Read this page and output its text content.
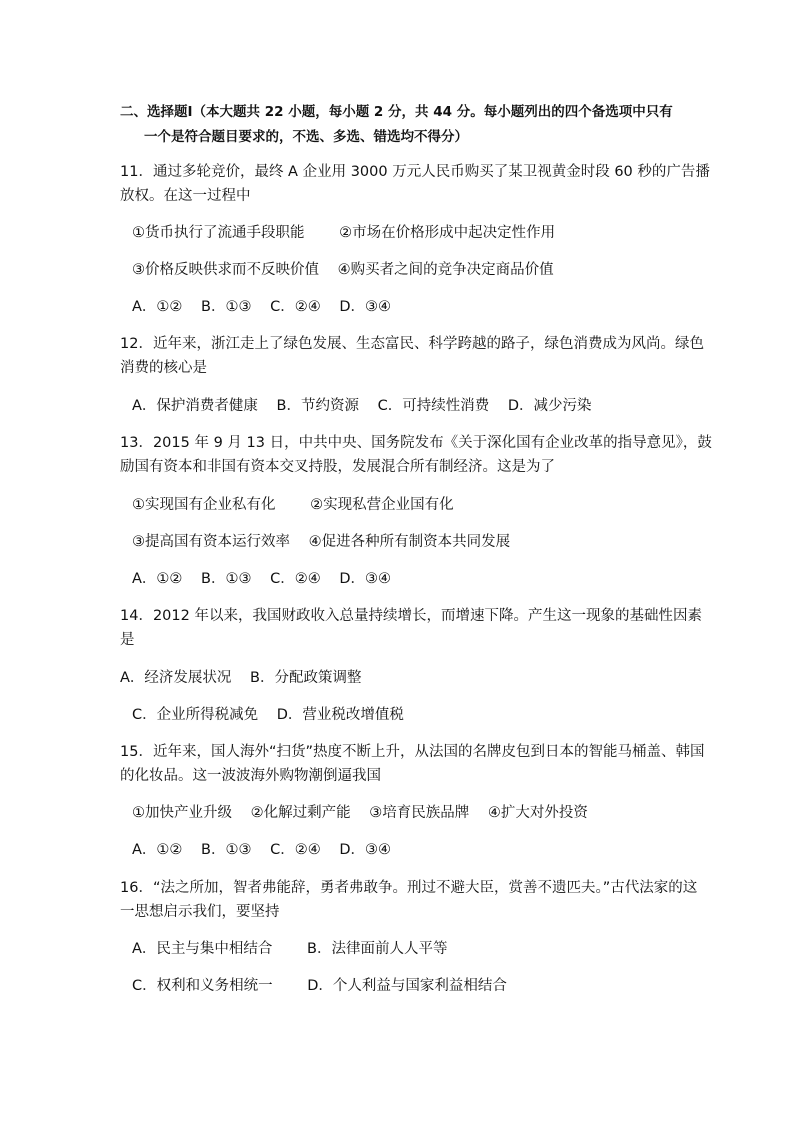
二、选择题Ⅰ（本大题共 22 小题，每小题 2 分，共 44 分。每小题列出的四个备选项中只有
一个是符合题目要求的，不选、多选、错选均不得分）
11．通过多轮竞价，最终 A 企业用 3000 万元人民币购买了某卫视黄金时段 60 秒的广告播
放权。在这一过程中
①货币执行了流通手段职能 ②市场在价格形成中起决定性作用
③价格反映供求而不反映价值 ④购买者之间的竞争决定商品价值
A．①② B．①③ C．②④ D．③④
12．近年来，浙江走上了绿色发展、生态富民、科学跨越的路子，绿色消费成为风尚。绿色
消费的核心是
A．保护消费者健康 B．节约资源 C．可持续性消费 D．减少污染
13．2015 年 9 月 13 日，中共中央、国务院发布《关于深化国有企业改革的指导意见》，鼓
励国有资本和非国有资本交叉持股，发展混合所有制经济。这是为了
①实现国有企业私有化 ②实现私营企业国有化
③提高国有资本运行效率 ④促进各种所有制资本共同发展
A．①② B．①③ C．②④ D．③④
14．2012 年以来，我国财政收入总量持续增长，而增速下降。产生这一现象的基础性因素
是
A．经济发展状况 B．分配政策调整
C．企业所得税减免 D．营业税改增值税
15．近年来，国人海外“扫货”热度不断上升，从法国的名牌皮包到日本的智能马桶盖、韩国
的化妆品。这一波波海外购物潮倒逼我国
①加快产业升级 ②化解过剩产能 ③培育民族品牌 ④扩大对外投资
A．①② B．①③ C．②④ D．③④
16．“法之所加，智者弗能辞，勇者弗敢争。刑过不避大臣，赏善不遗匹夫。”古代法家的这
一思想启示我们，要坚持
A．民主与集中相结合 B．法律面前人人平等
C．权利和义务相统一 D．个人利益与国家利益相结合
